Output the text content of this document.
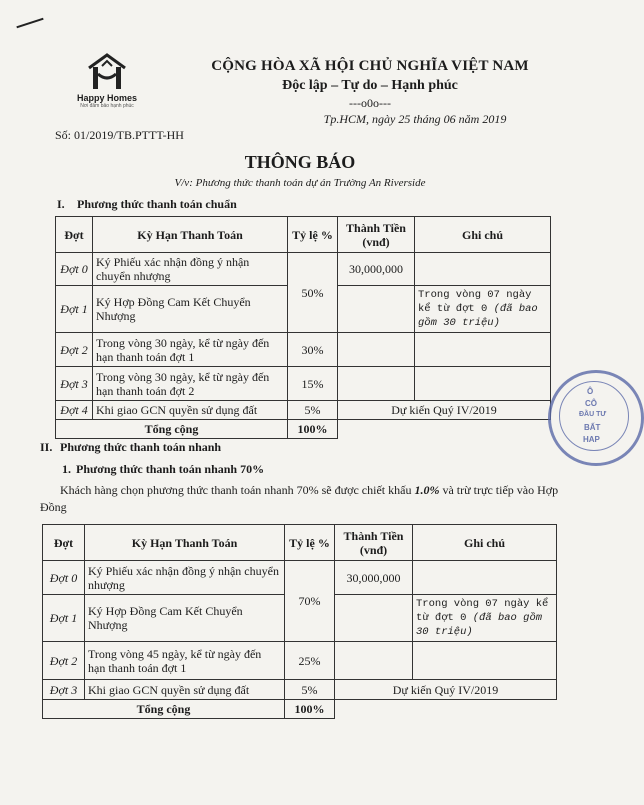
Happy Homes
Nơi đảm bảo hạnh phúc
CỘNG HÒA XÃ HỘI CHỦ NGHĨA VIỆT NAM
Độc lập – Tự do – Hạnh phúc
---o0o---
Tp.HCM, ngày 25 tháng 06 năm 2019
Số: 01/2019/TB.PTTT-HH
THÔNG BÁO
V/v: Phương thức thanh toán dự án Trường An Riverside
I. Phương thức thanh toán chuẩn
Đợt	Kỳ Hạn Thanh Toán	Tỷ lệ %	Thành Tiền (vnđ)	Ghi chú
Đợt 0	Ký Phiếu xác nhận đồng ý nhận chuyển nhượng	50%	30,000,000	
Đợt 1	Ký Hợp Đồng Cam Kết Chuyển Nhượng			Trong vòng 07 ngày kể từ đợt 0 (đã bao gồm 30 triệu)
Đợt 2	Trong vòng 30 ngày, kể từ ngày đến hạn thanh toán đợt 1	30%		
Đợt 3	Trong vòng 30 ngày, kể từ ngày đến hạn thanh toán đợt 2	15%		
Đợt 4	Khi giao GCN quyền sử dụng đất	5%	Dự kiến Quý IV/2019	
Tổng cộng		100%		
II. Phương thức thanh toán nhanh
1. Phương thức thanh toán nhanh 70%
Khách hàng chọn phương thức thanh toán nhanh 70% sẽ được chiết khấu 1.0% và trừ trực tiếp vào Hợp Đồng
Đợt	Kỳ Hạn Thanh Toán	Tỷ lệ %	Thành Tiền (vnđ)	Ghi chú
Đợt 0	Ký Phiếu xác nhận đồng ý nhận chuyển nhượng	70%	30,000,000	
Đợt 1	Ký Hợp Đồng Cam Kết Chuyển Nhượng			Trong vòng 07 ngày kể từ đợt 0 (đã bao gồm 30 triệu)
Đợt 2	Trong vòng 45 ngày, kể từ ngày đến hạn thanh toán đợt 1	25%		
Đợt 3	Khi giao GCN quyền sử dụng đất	5%	Dự kiến Quý IV/2019	
Tổng cộng		100%		
Ô
CÔ
ĐẦU TƯ
BẤT
HAP
